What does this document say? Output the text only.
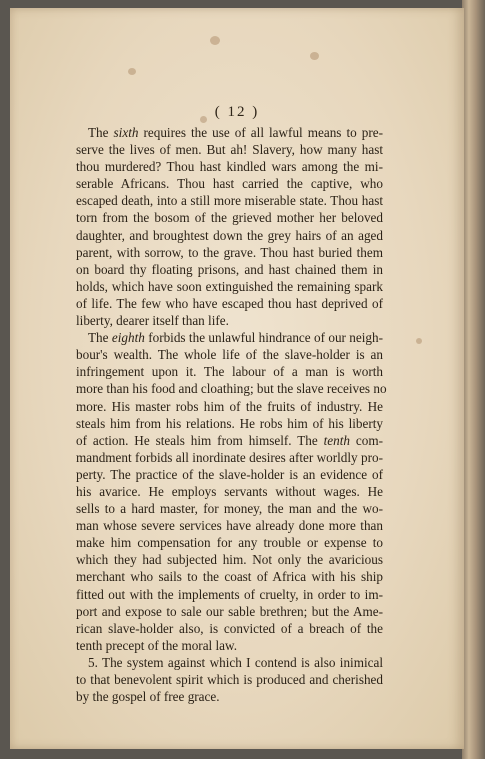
( 12 )
The sixth requires the use of all lawful means to pre-
serve the lives of men. But ah! Slavery, how many hast
thou murdered? Thou hast kindled wars among the mi-
serable Africans. Thou hast carried the captive, who
escaped death, into a still more miserable state. Thou hast
torn from the bosom of the grieved mother her beloved
daughter, and broughtest down the grey hairs of an aged
parent, with sorrow, to the grave. Thou hast buried them
on board thy floating prisons, and hast chained them in
holds, which have soon extinguished the remaining spark
of life. The few who have escaped thou hast deprived of
liberty, dearer itself than life.
The eighth forbids the unlawful hindrance of our neigh-
bour's wealth. The whole life of the slave-holder is an
infringement upon it. The labour of a man is worth
more than his food and cloathing; but the slave receives no
more. His master robs him of the fruits of industry. He
steals him from his relations. He robs him of his liberty
of action. He steals him from himself. The tenth com-
mandment forbids all inordinate desires after worldly pro-
perty. The practice of the slave-holder is an evidence of
his avarice. He employs servants without wages. He
sells to a hard master, for money, the man and the wo-
man whose severe services have already done more than
make him compensation for any trouble or expense to
which they had subjected him. Not only the avaricious
merchant who sails to the coast of Africa with his ship
fitted out with the implements of cruelty, in order to im-
port and expose to sale our sable brethren; but the Ame-
rican slave-holder also, is convicted of a breach of the
tenth precept of the moral law.
5. The system against which I contend is also inimical
to that benevolent spirit which is produced and cherished
by the gospel of free grace.
